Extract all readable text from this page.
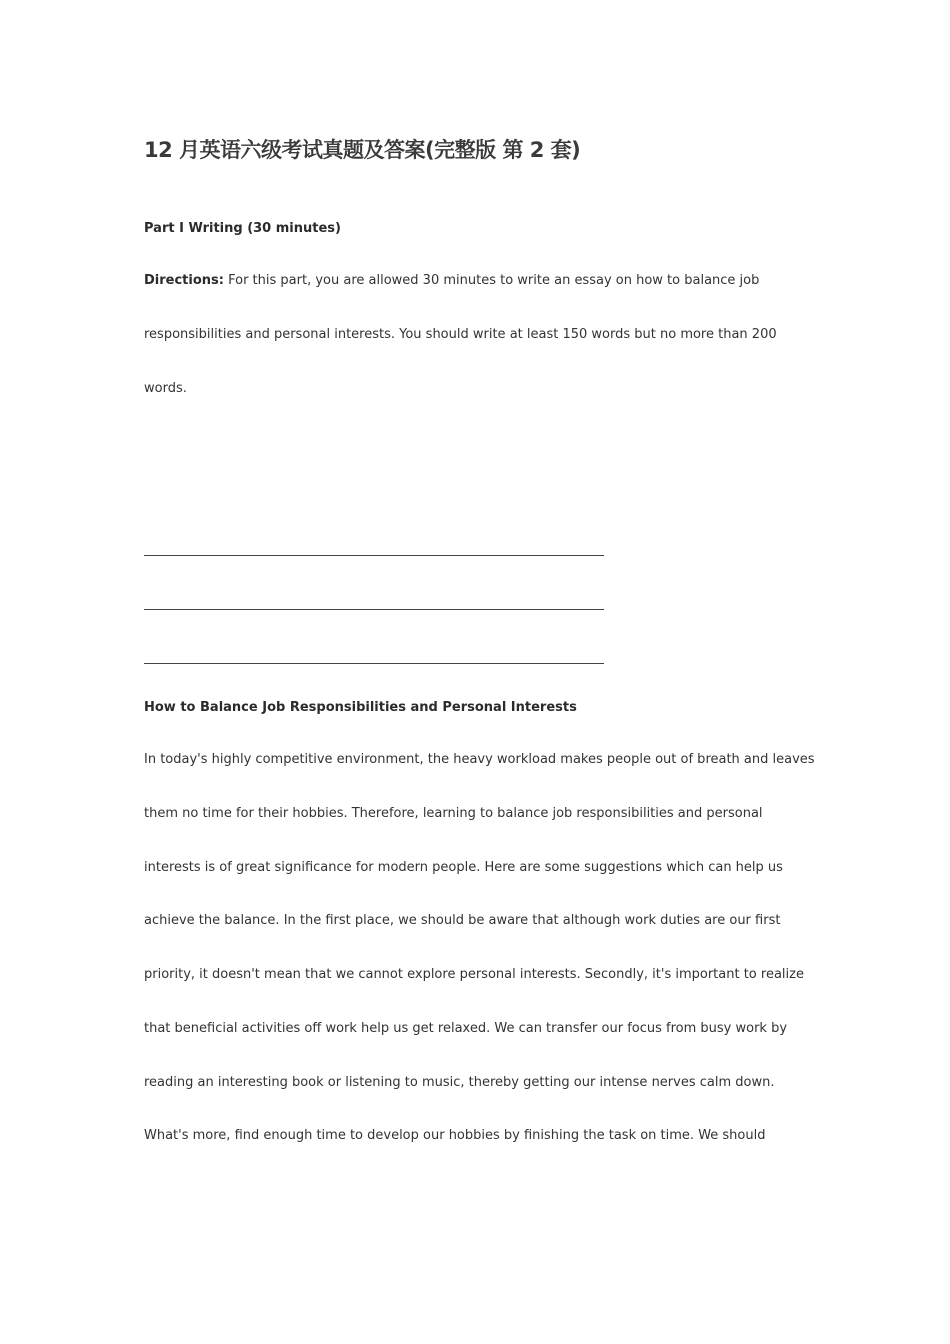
12 月英语六级考试真题及答案(完整版 第 2 套)
Part I Writing (30 minutes)
Directions: For this part, you are allowed 30 minutes to write an essay on how to balance job
responsibilities and personal interests. You should write at least 150 words but no more than 200
words.
How to Balance Job Responsibilities and Personal Interests
In today's highly competitive environment, the heavy workload makes people out of breath and leaves
them no time for their hobbies. Therefore, learning to balance job responsibilities and personal
interests is of great significance for modern people. Here are some suggestions which can help us
achieve the balance. In the first place, we should be aware that although work duties are our first
priority, it doesn't mean that we cannot explore personal interests. Secondly, it's important to realize
that beneficial activities off work help us get relaxed. We can transfer our focus from busy work by
reading an interesting book or listening to music, thereby getting our intense nerves calm down.
What's more, find enough time to develop our hobbies by finishing the task on time. We should
